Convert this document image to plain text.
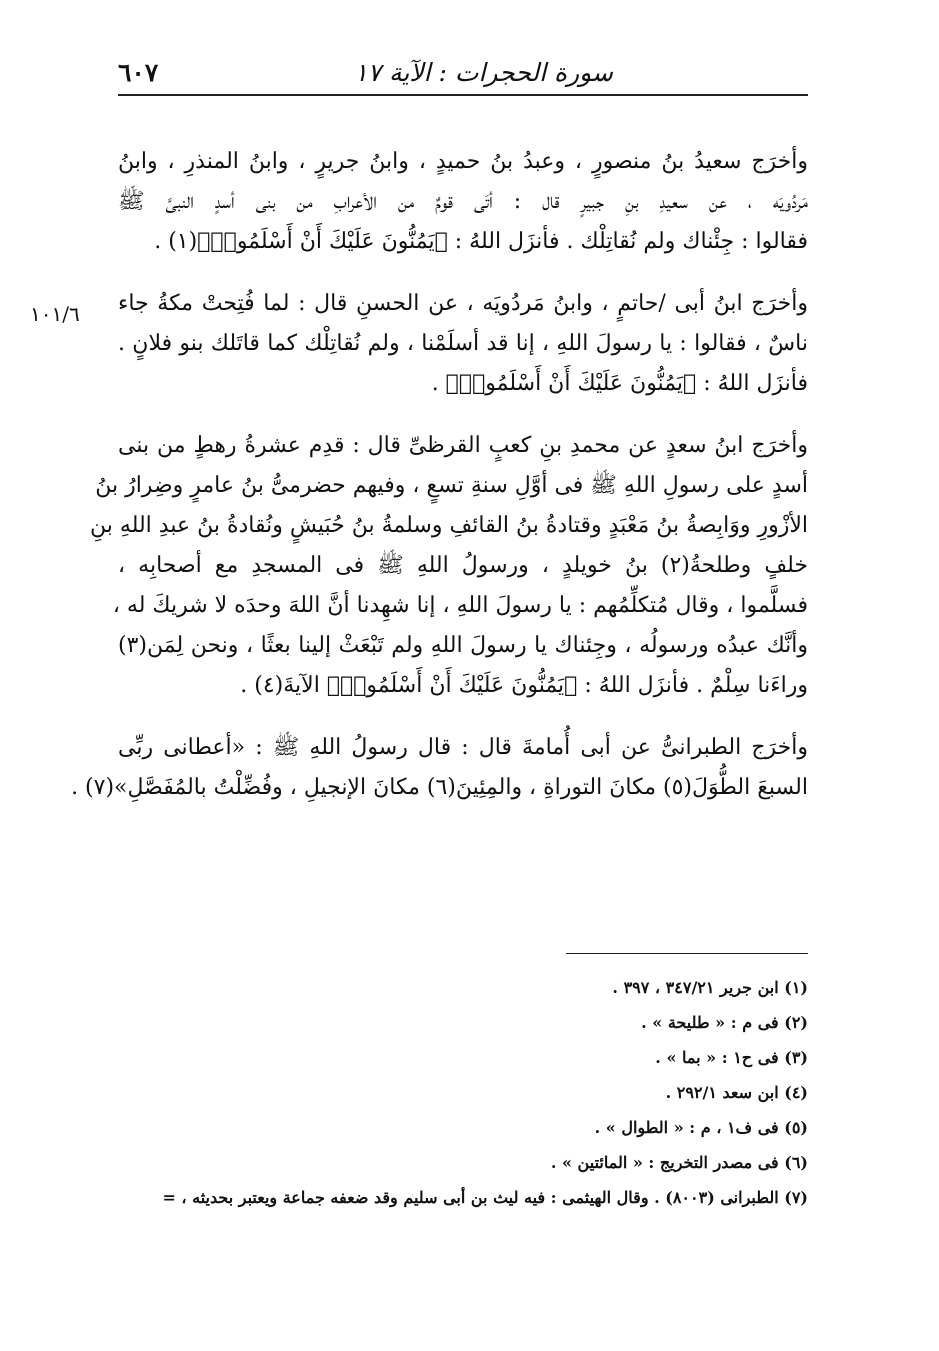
سورة الحجرات : الآية ١٧
٦٠٧
١٠١/٦
وأخرَج سعيدُ بنُ منصورٍ ، وعبدُ بنُ حميدٍ ، وابنُ جريرٍ ، وابنُ المنذرِ ، وابنُ
مَردُويَه ، عن سعيدِ بنِ جبيرٍ قال : أتَى قومٌ من الأعرابِ من بنى أسدٍ النبىَّ ﷺ
فقالوا : جِئْناك ولم نُقاتِلْك . فأنزَل اللهُ : ﴿يَمُنُّونَ عَلَيْكَ أَنْ أَسْلَمُوا۟﴾(١) .
وأخرَج ابنُ أبى /حاتمٍ ، وابنُ مَردُويَه ، عن الحسنِ قال : لما فُتِحتْ مكةُ جاء
ناسٌ ، فقالوا : يا رسولَ اللهِ ، إنا قد أسلَمْنا ، ولم نُقاتِلْك كما قاتَلك بنو فلانٍ .
فأنزَل اللهُ : ﴿يَمُنُّونَ عَلَيْكَ أَنْ أَسْلَمُوا۟﴾ .
وأخرَج ابنُ سعدٍ عن محمدِ بنِ كعبٍ القرظىِّ قال : قدِم عشرةُ رهطٍ من بنى
أسدٍ على رسولِ اللهِ ﷺ فى أوَّلِ سنةِ تسعٍ ، وفيهم حضرمىُّ بنُ عامرٍ وضِرارُ بنُ
الأزْورِ ووَابِصةُ بنُ مَعْبَدٍ وقتادةُ بنُ القائفِ وسلمةُ بنُ حُبَيشٍ ونُقادةُ بنُ عبدِ اللهِ بنِ
خلفٍ وطلحةُ(٢) بنُ خويلدٍ ، ورسولُ اللهِ ﷺ فى المسجدِ مع أصحابِه ،
فسلَّموا ، وقال مُتكلِّمُهم : يا رسولَ اللهِ ، إنا شهِدنا أنَّ اللهَ وحدَه لا شريكَ له ،
وأنَّك عبدُه ورسولُه ، وجِئناك يا رسولَ اللهِ ولم تَبْعَثْ إلينا بعثًا ، ونحن لِمَن(٣)
وراءَنا سِلْمٌ . فأنزَل اللهُ : ﴿يَمُنُّونَ عَلَيْكَ أَنْ أَسْلَمُوا۟﴾ الآيةَ(٤) .
وأخرَج الطبرانىُّ عن أبى أُمامةَ قال : قال رسولُ اللهِ ﷺ : «أعطانى ربِّى
السبعَ الطُّوَلَ(٥) مكانَ التوراةِ ، والمِئِينَ(٦) مكانَ الإنجيلِ ، وفُضِّلْتُ بالمُفَصَّلِ»(٧) .
(١) ابن جرير ٣٤٧/٢١ ، ٣٩٧ .
(٢) فى م : « طليحة » .
(٣) فى ح١ : « بما » .
(٤) ابن سعد ٢٩٢/١ .
(٥) فى ف١ ، م : « الطوال » .
(٦) فى مصدر التخريج : « المائتين » .
(٧) الطبرانى (٨٠٠٣) . وقال الهيثمى : فيه ليث بن أبى سليم وقد ضعفه جماعة ويعتبر بحديثه ، =
